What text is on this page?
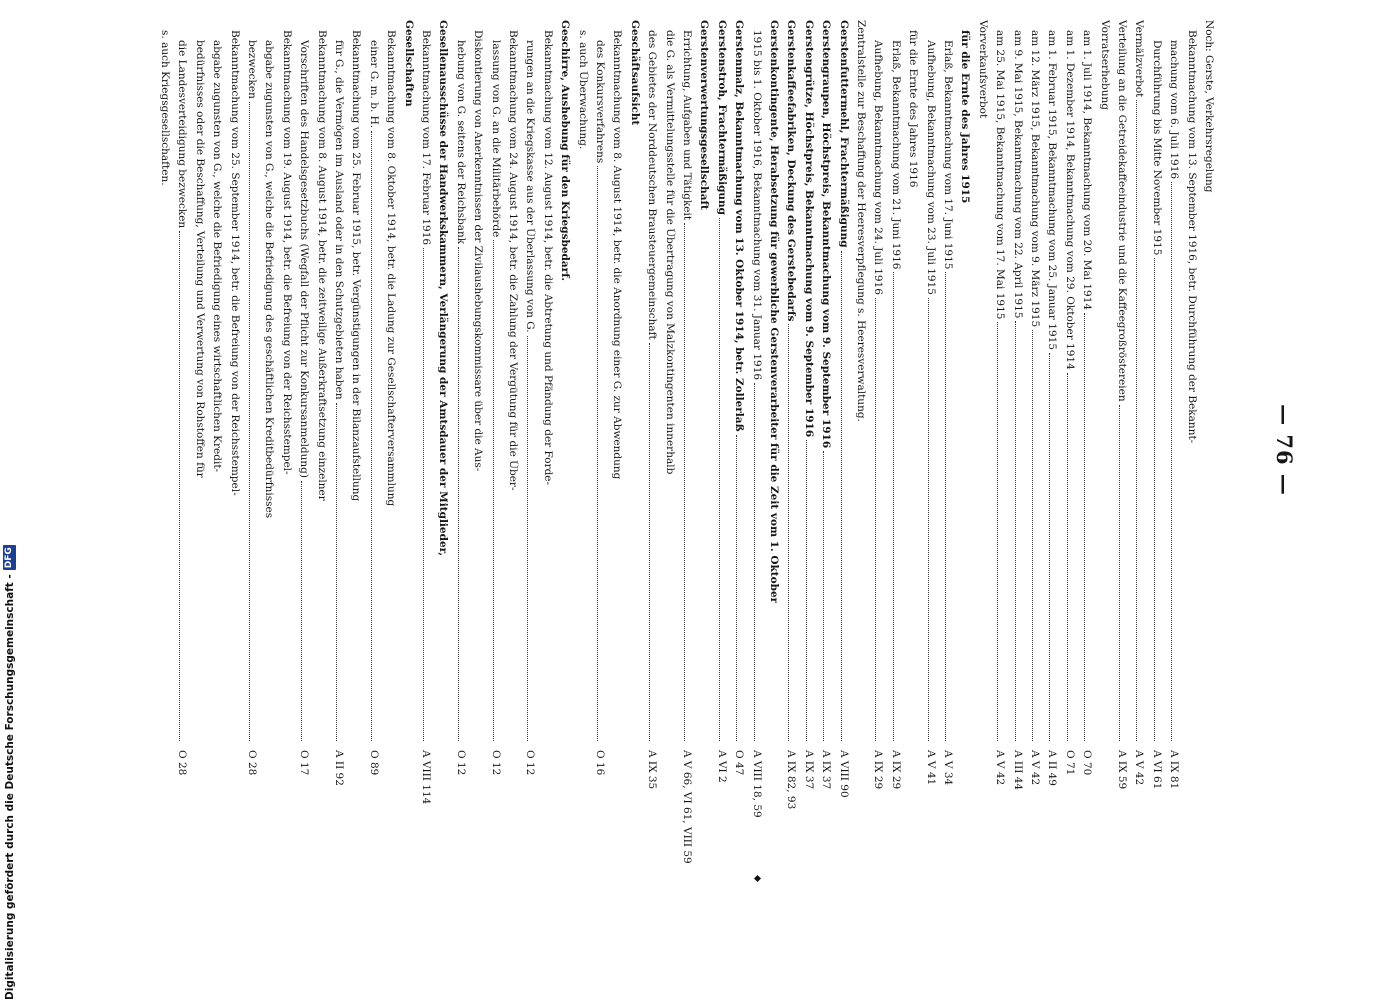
— 76 —
Noch: Gerste, Verkehrsregelung
Bekanntmachung vom 13. September 1916, betr. Durchführung der Bekannt-
machung vom 6. Juli 1916
A IX 81
Durchführung bis Mitte November 1915
A VI 61
Vermälzverbot
A V 42
Verteilung an die Getreidekaffeeindustrie und die Kaffeegroßröstereien
A IX 59
Vorratserhebung
am 1. Juli 1914, Bekanntmachung vom 20. Mai 1914
O 70
am 1. Dezember 1914, Bekanntmachung vom 29. Oktober 1914
O 71
am 1. Februar 1915, Bekanntmachung vom 25. Januar 1915
A II 49
am 12. März 1915, Bekanntmachung vom 9. März 1915
A V 42
am 9. Mai 1915, Bekanntmachung vom 22. April 1915
A III 44
am 25. Mai 1915, Bekanntmachung vom 17. Mai 1915
A V 42
Vorverkaufsverbot
für die Ernte des Jahres 1915
Erlaß, Bekanntmachung vom 17. Juni 1915
A V 34
Aufhebung, Bekanntmachung vom 23. Juli 1915
A V 41
für die Ernte des Jahres 1916
Erlaß, Bekanntmachung vom 21. Juni 1916
A IX 29
Aufhebung, Bekanntmachung vom 24. Juli 1916
A IX 29
Zentralstelle zur Beschaffung der Heeresverpflegung s. Heeresverwaltung.
Gerstenfuttermehl, Frachtermäßigung
A VIII 90
Gerstengraupen, Höchstpreis, Bekanntmachung vom 9. September 1916
A IX 37
Gerstengrütze, Höchstpreis, Bekanntmachung vom 9. September 1916
A IX 37
Gerstenkaffeefabriken, Deckung des Gerstebedarfs
A IX 82, 93
Gerstenkontingente, Herabsetzung für gewerbliche Gerstenverarbeiter für die Zeit vom 1. Oktober
1915 bis 1. Oktober 1916, Bekanntmachung vom 31. Januar 1916
A VIII 18, 59
Gerstenmalz, Bekanntmachung vom 13. Oktober 1914, betr. Zollerlaß
O 47
Gerstenstroh, Frachtermäßigung
A VI 2
Gerstenverwertungsgesellschaft
Errichtung, Aufgaben und Tätigkeit
A V 66, VI 61, VIII 59
die G. als Vermittelungsstelle für die Übertragung von Malzkontingenten innerhalb
des Gebietes der Norddeutschen Brausteuergemeinschaft
A IX 35
Geschäftsaufsicht
Bekanntmachung vom 8. August 1914, betr. die Anordnung einer G. zur Abwendung
des Konkursverfahrens
O 16
s. auch Überwachung.
Geschirre, Aushebung für den Kriegsbedarf.
Bekanntmachung vom 12. August 1914, betr. die Abtretung und Pfändung der Forde-
rungen an die Kriegskasse aus der Überlassung von G.
O 12
Bekanntmachung vom 24. August 1914, betr. die Zahlung der Vergütung für die Über-
lassung von G. an die Militärbehörde
O 12
Diskontierung von Anerkenntnissen der Zivilaushebungskommissare über die Aus-
hebung von G. seitens der Reichsbank
O 12
Gesellenausschüsse der Handwerkskammern, Verlängerung der Amtsdauer der Mitglieder,
Bekanntmachung vom 17. Februar 1916
A VIII 114
Gesellschaften
Bekanntmachung vom 8. Oktober 1914, betr. die Ladung zur Gesellschafterversammlung
einer G. m. b. H.
O 89
Bekanntmachung vom 25. Februar 1915, betr. Vergünstigungen in der Bilanzaufstellung
für G., die Vermögen im Ausland oder in den Schutzgebieten haben
A II 92
Bekanntmachung vom 8. August 1914, betr. die zeitweilige Außerkraftsetzung einzelner
Vorschriften des Handelsgesetzbuchs (Wegfall der Pflicht zur Konkursanmeldung)
O 17
Bekanntmachung vom 19. August 1914, betr. die Befreiung von der Reichsstempel-
abgabe zugunsten von G., welche die Befriedigung des geschäftlichen Kreditbedürfnisses
bezwecken
O 28
Bekanntmachung vom 25. September 1914, betr. die Befreiung von der Reichsstempel-
abgabe zugunsten von G., welche die Befriedigung eines wirtschaftlichen Kredit-
bedürfnisses oder die Beschaffung, Verteilung und Verwertung von Rohstoffen für
die Landesverteidigung bezwecken
O 28
s. auch Kriegsgesellschaften.
Digitalisierung gefördert durch die Deutsche Forschungsgemeinschaft -
DFG
